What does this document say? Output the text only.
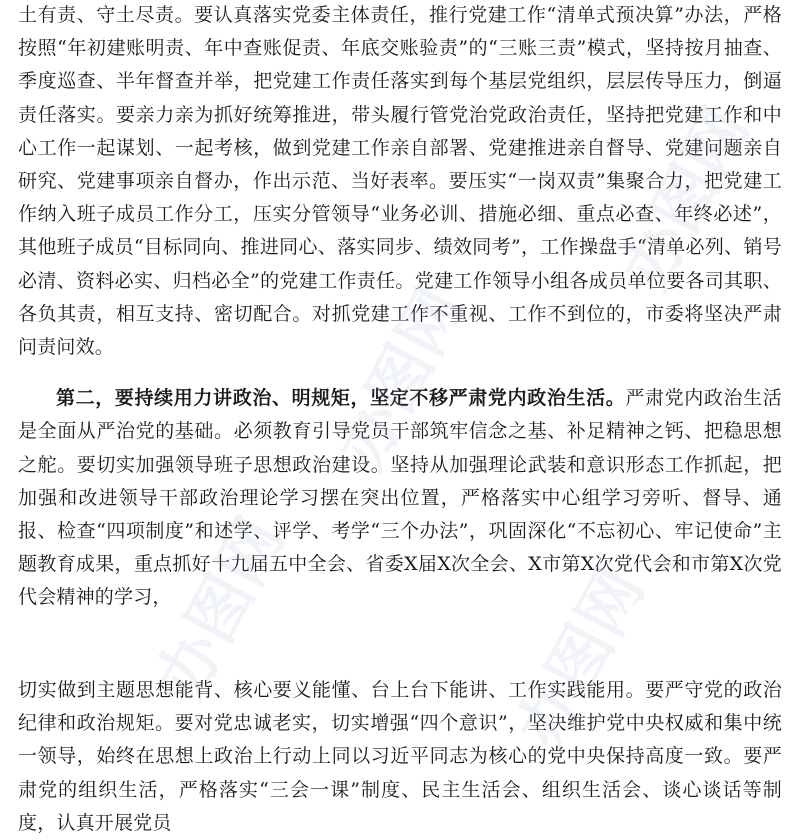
土有责、守土尽责。要认真落实党委主体责任，推行党建工作“清单式预决算”办法，严格按照“年初建账明责、年中查账促责、年底交账验责”的“三账三责”模式，坚持按月抽查、季度巡查、半年督查并举，把党建工作责任落实到每个基层党组织，层层传导压力，倒逼责任落实。要亲力亲为抓好统筹推进，带头履行管党治党政治责任，坚持把党建工作和中心工作一起谋划、一起考核，做到党建工作亲自部署、党建推进亲自督导、党建问题亲自研究、党建事项亲自督办，作出示范、当好表率。要压实“一岗双责”集聚合力，把党建工作纳入班子成员工作分工，压实分管领导“业务必训、措施必细、重点必查、年终必述”，其他班子成员“目标同向、推进同心、落实同步、绩效同考”，工作操盘手“清单必列、销号必清、资料必实、归档必全”的党建工作责任。党建工作领导小组各成员单位要各司其职、各负其责，相互支持、密切配合。对抓党建工作不重视、工作不到位的，市委将坚决严肃问责问效。

第二，要持续用力讲政治、明规矩，坚定不移严肃党内政治生活。严肃党内政治生活是全面从严治党的基础。必须教育引导党员干部筑牢信念之基、补足精神之钙、把稳思想之舵。要切实加强领导班子思想政治建设。坚持从加强理论武装和意识形态工作抓起，把加强和改进领导干部政治理论学习摆在突出位置，严格落实中心组学习旁听、督导、通报、检查“四项制度”和述学、评学、考学“三个办法”，巩固深化“不忘初心、牢记使命”主题教育成果，重点抓好十九届五中全会、省委X届X次全会、X市第X次党代会和市第X次党代会精神的学习，

切实做到主题思想能背、核心要义能懂、台上台下能讲、工作实践能用。要严守党的政治纪律和政治规矩。要对党忠诚老实，切实增强“四个意识”，坚决维护党中央权威和集中统一领导，始终在思想上政治上行动上同以习近平同志为核心的党中央保持高度一致。要严肃党的组织生活，严格落实“三会一课”制度、民主生活会、组织生活会、谈心谈话等制度，认真开展党员

办图网
办图网
办图网	办图网
